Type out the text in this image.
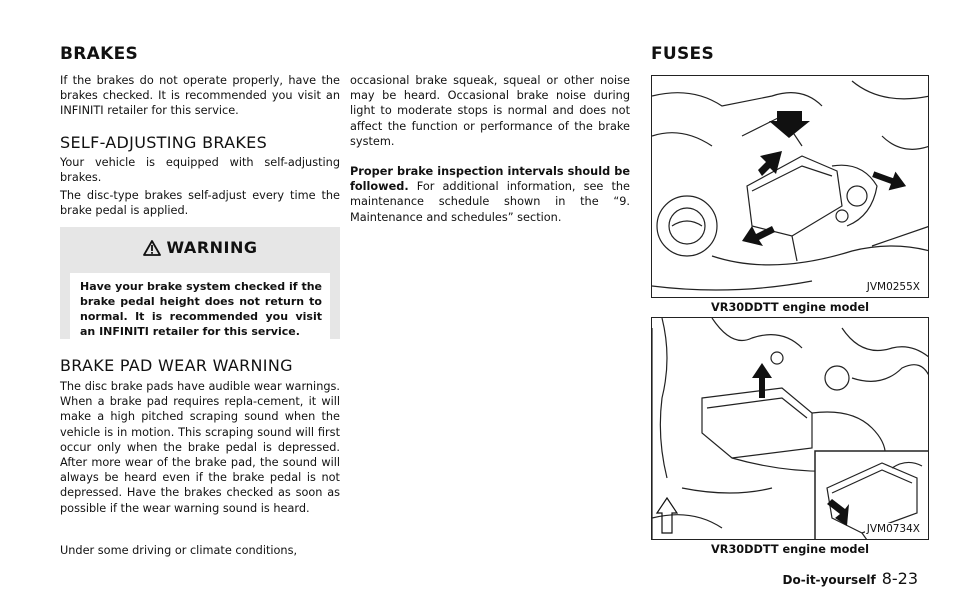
BRAKES
If the brakes do not operate properly, have the brakes checked. It is recommended you visit an INFINITI retailer for this service.
SELF-ADJUSTING BRAKES
Your vehicle is equipped with self-adjusting brakes.
The disc-type brakes self-adjust every time the brake pedal is applied.
WARNING
Have your brake system checked if the brake pedal height does not return to normal. It is recommended you visit an INFINITI retailer for this service.
BRAKE PAD WEAR WARNING
The disc brake pads have audible wear warnings. When a brake pad requires repla-cement, it will make a high pitched scraping sound when the vehicle is in motion. This scraping sound will first occur only when the brake pedal is depressed. After more wear of the brake pad, the sound will always be heard even if the brake pedal is not depressed. Have the brakes checked as soon as possible if the wear warning sound is heard.
Under some driving or climate conditions,
occasional brake squeak, squeal or other noise may be heard. Occasional brake noise during light to moderate stops is normal and does not affect the function or performance of the brake system.
Proper brake inspection intervals should be followed. For additional information, see the maintenance schedule shown in the “9. Maintenance and schedules” section.
FUSES
JVM0255X
VR30DDTT engine model
JVM0734X
VR30DDTT engine model
Do-it-yourself 8-23
